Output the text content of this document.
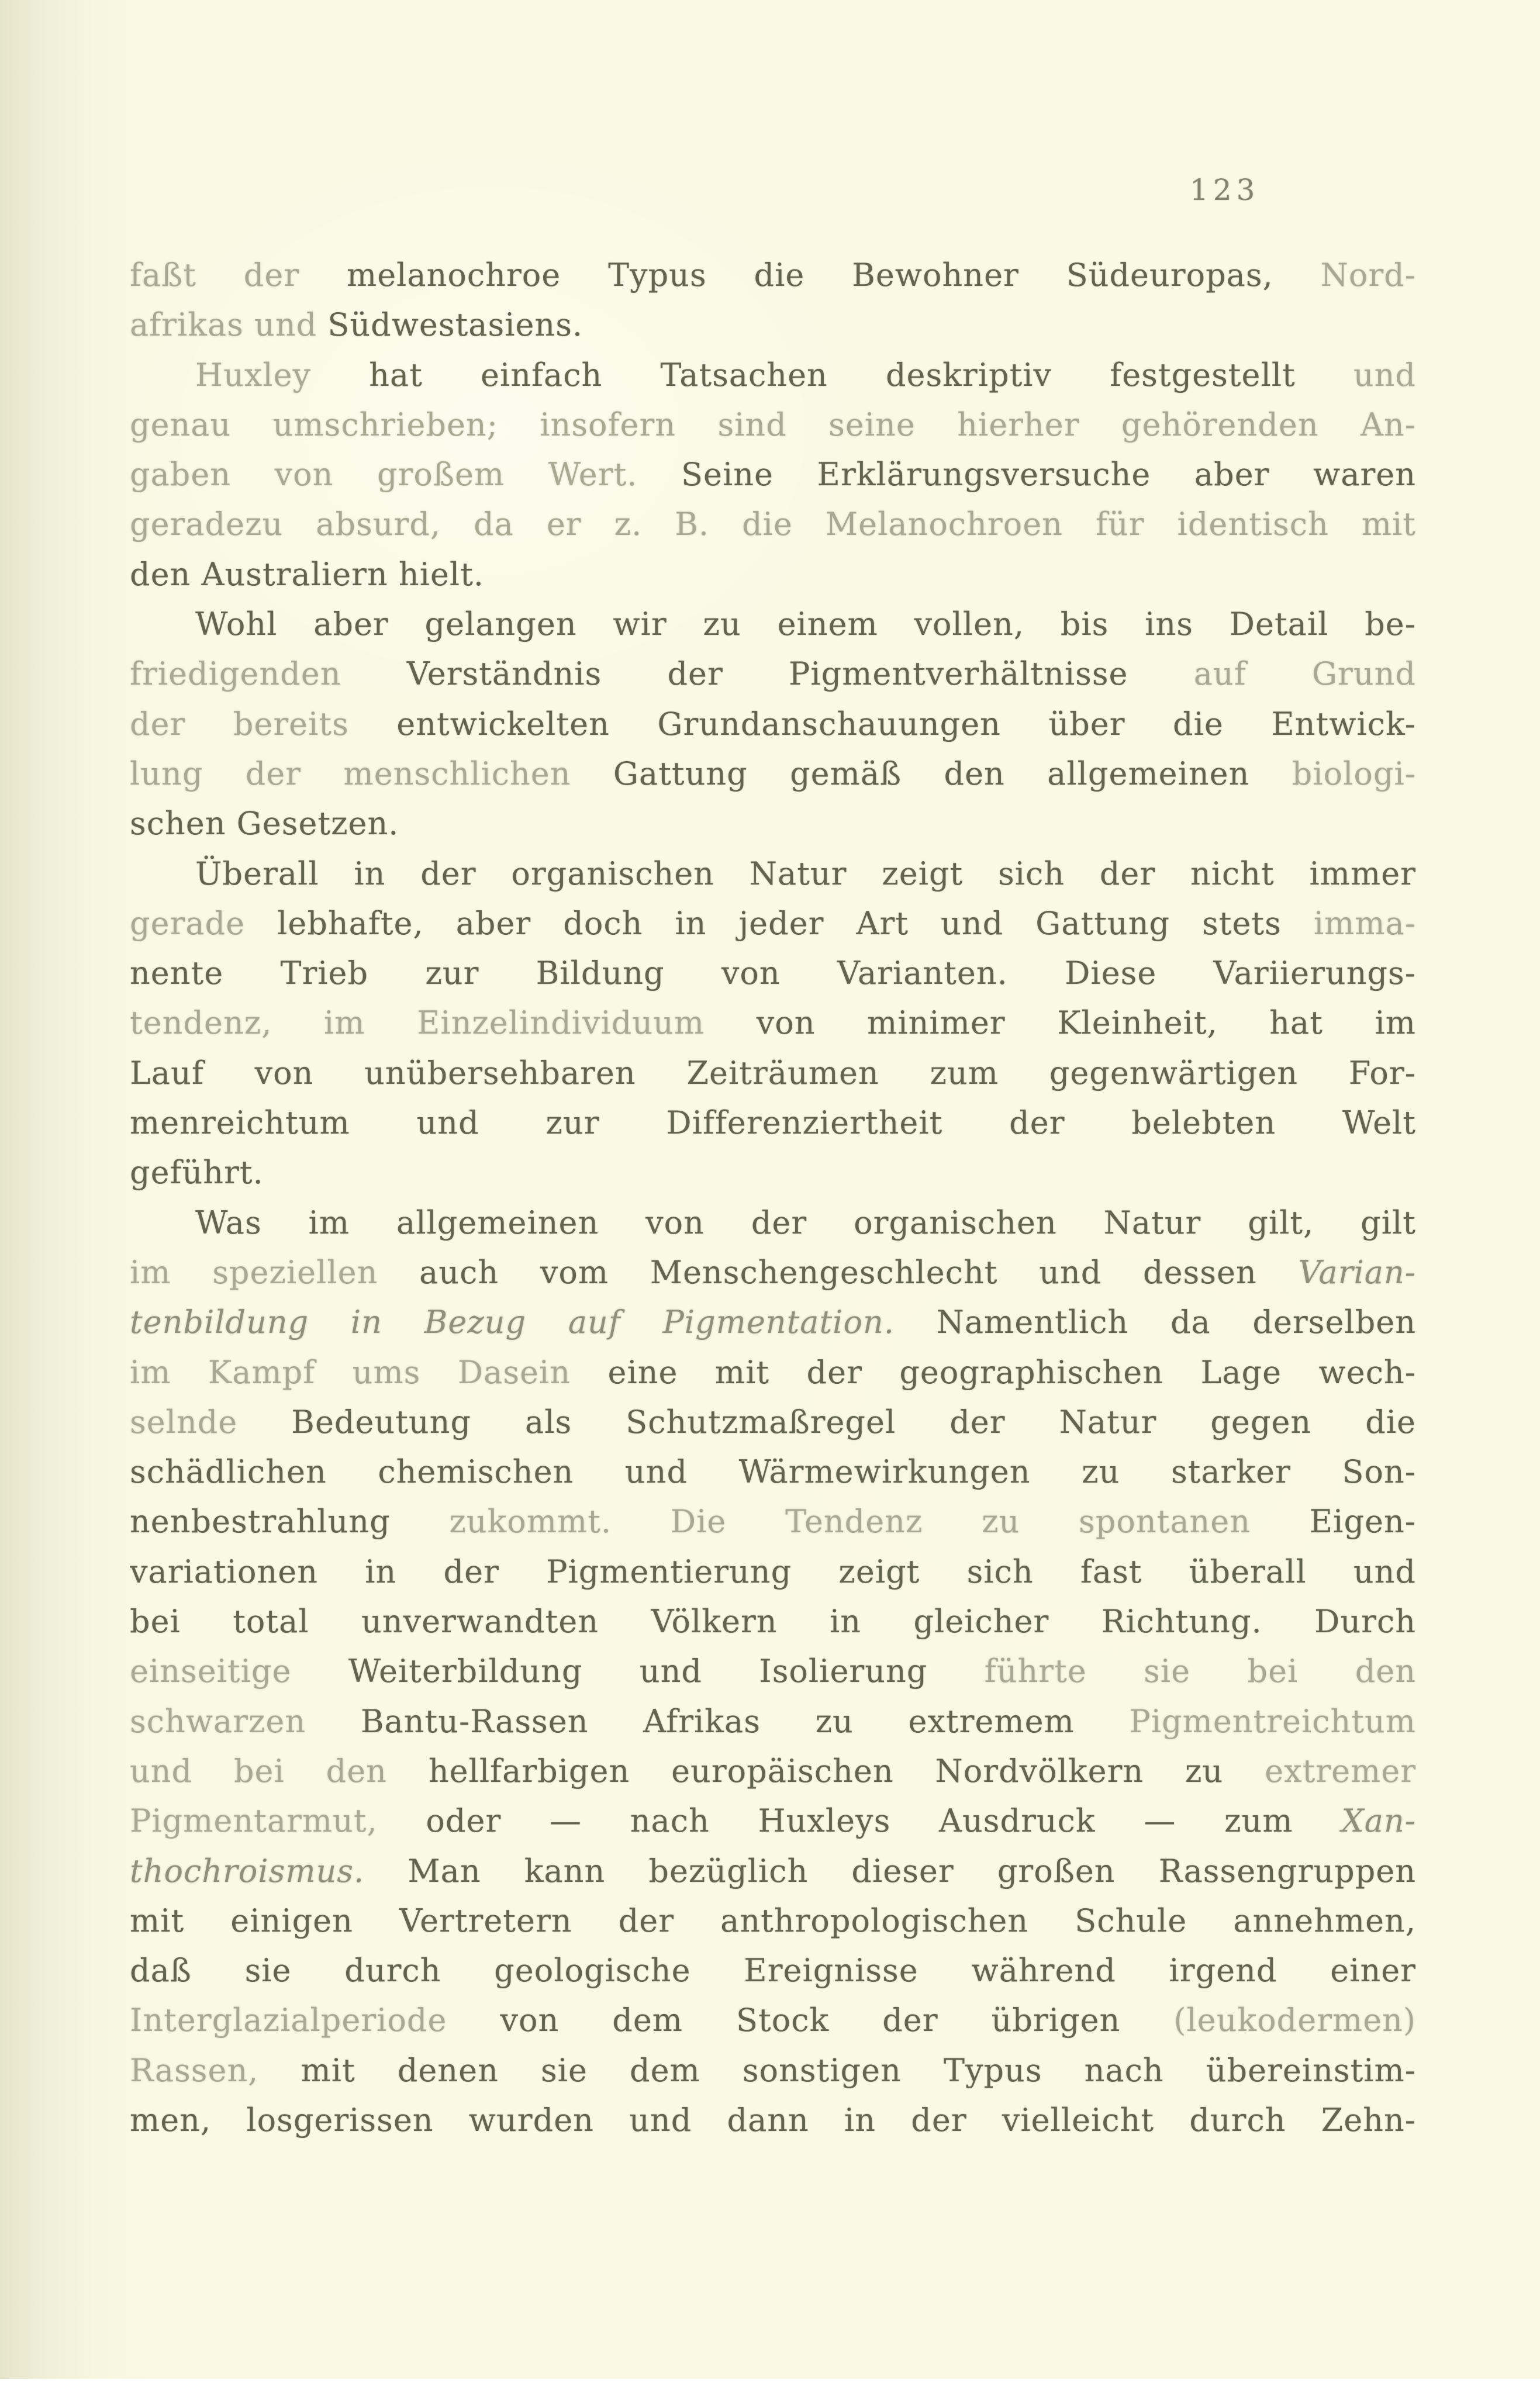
123
faßt der melanochroe Typus die Bewohner Südeuropas, Nord-
afrikas und Südwestasiens.
Huxley hat einfach Tatsachen deskriptiv festgestellt und
genau umschrieben; insofern sind seine hierher gehörenden An-
gaben von großem Wert. Seine Erklärungsversuche aber waren
geradezu absurd, da er z. B. die Melanochroen für identisch mit
den Australiern hielt.
Wohl aber gelangen wir zu einem vollen, bis ins Detail be-
friedigenden Verständnis der Pigmentverhältnisse auf Grund
der bereits entwickelten Grundanschauungen über die Entwick-
lung der menschlichen Gattung gemäß den allgemeinen biologi-
schen Gesetzen.
Überall in der organischen Natur zeigt sich der nicht immer
gerade lebhafte, aber doch in jeder Art und Gattung stets imma-
nente Trieb zur Bildung von Varianten. Diese Variierungs-
tendenz, im Einzelindividuum von minimer Kleinheit, hat im
Lauf von unübersehbaren Zeiträumen zum gegenwärtigen For-
menreichtum und zur Differenziertheit der belebten Welt
geführt.
Was im allgemeinen von der organischen Natur gilt, gilt
im speziellen auch vom Menschengeschlecht und dessen Varian-
tenbildung in Bezug auf Pigmentation. Namentlich da derselben
im Kampf ums Dasein eine mit der geographischen Lage wech-
selnde Bedeutung als Schutzmaßregel der Natur gegen die
schädlichen chemischen und Wärmewirkungen zu starker Son-
nenbestrahlung zukommt. Die Tendenz zu spontanen Eigen-
variationen in der Pigmentierung zeigt sich fast überall und
bei total unverwandten Völkern in gleicher Richtung. Durch
einseitige Weiterbildung und Isolierung führte sie bei den
schwarzen Bantu-Rassen Afrikas zu extremem Pigmentreichtum
und bei den hellfarbigen europäischen Nordvölkern zu extremer
Pigmentarmut, oder — nach Huxleys Ausdruck — zum Xan-
thochroismus. Man kann bezüglich dieser großen Rassengruppen
mit einigen Vertretern der anthropologischen Schule annehmen,
daß sie durch geologische Ereignisse während irgend einer
Interglazialperiode von dem Stock der übrigen (leukodermen)
Rassen, mit denen sie dem sonstigen Typus nach übereinstim-
men, losgerissen wurden und dann in der vielleicht durch Zehn-
